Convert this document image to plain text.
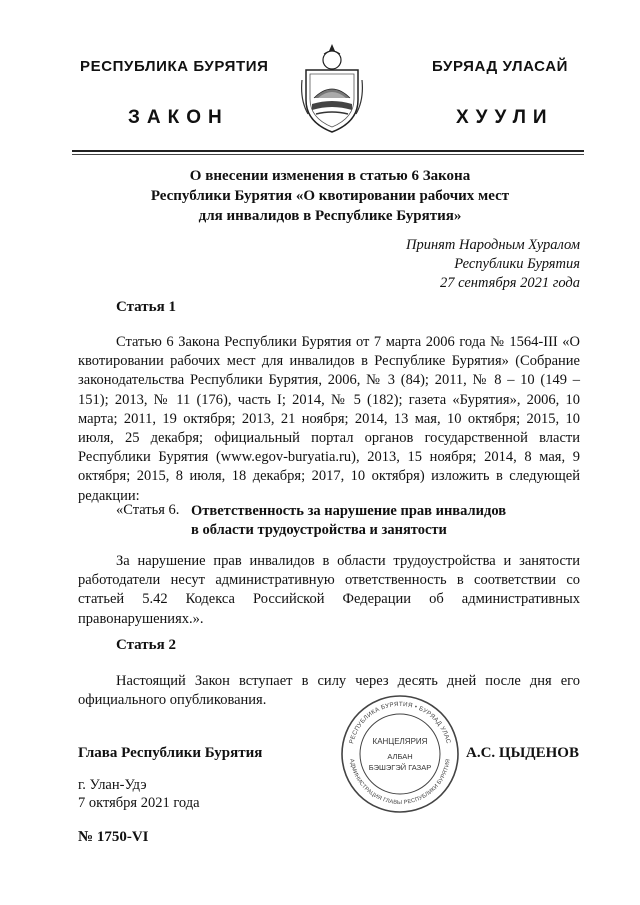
РЕСПУБЛИКА БУРЯТИЯ	БУРЯАД УЛАСАЙ
ЗАКОН	ХУУЛИ
О внесении изменения в статью 6 Закона
Республики Бурятия «О квотировании рабочих мест
для инвалидов в Республике Бурятия»
Принят Народным Хуралом
Республики Бурятия
27 сентября 2021 года
Статья 1
Статью 6 Закона Республики Бурятия от 7 марта 2006 года № 1564-III «О квотировании рабочих мест для инвалидов в Республике Бурятия» (Собрание законодательства Республики Бурятия, 2006, № 3 (84); 2011, № 8 – 10 (149 – 151); 2013, № 11 (176), часть I; 2014, № 5 (182); газета «Бурятия», 2006, 10 марта; 2011, 19 октября; 2013, 21 ноября; 2014, 13 мая, 10 октября; 2015, 10 июля, 25 декабря; официальный портал органов государственной власти Республики Бурятия (www.egov-buryatia.ru), 2013, 15 ноября; 2014, 8 мая, 9 октября; 2015, 8 июля, 18 декабря; 2017, 10 октября) изложить в следующей редакции:
«Статья 6. Ответственность за нарушение прав инвалидов
в области трудоустройства и занятости
За нарушение прав инвалидов в области трудоустройства и занятости работодатели несут административную ответственность в соответствии со статьей 5.42 Кодекса Российской Федерации об административных правонарушениях.».
Статья 2
Настоящий Закон вступает в силу через десять дней после дня его официального опубликования.
РЕСПУБЛИКА БУРЯТИЯ • БУРЯАД УЛАС
АДМИНИСТРАЦИЯ ГЛАВЫ РЕСПУБЛИКИ БУРЯТИЯ
КАНЦЕЛЯРИЯ
АЛБАН
БЭШЭГЭЙ ГАЗАР
Глава Республики Бурятия	А.С. ЦЫДЕНОВ
г. Улан-Удэ
7 октября 2021 года
№ 1750-VI
